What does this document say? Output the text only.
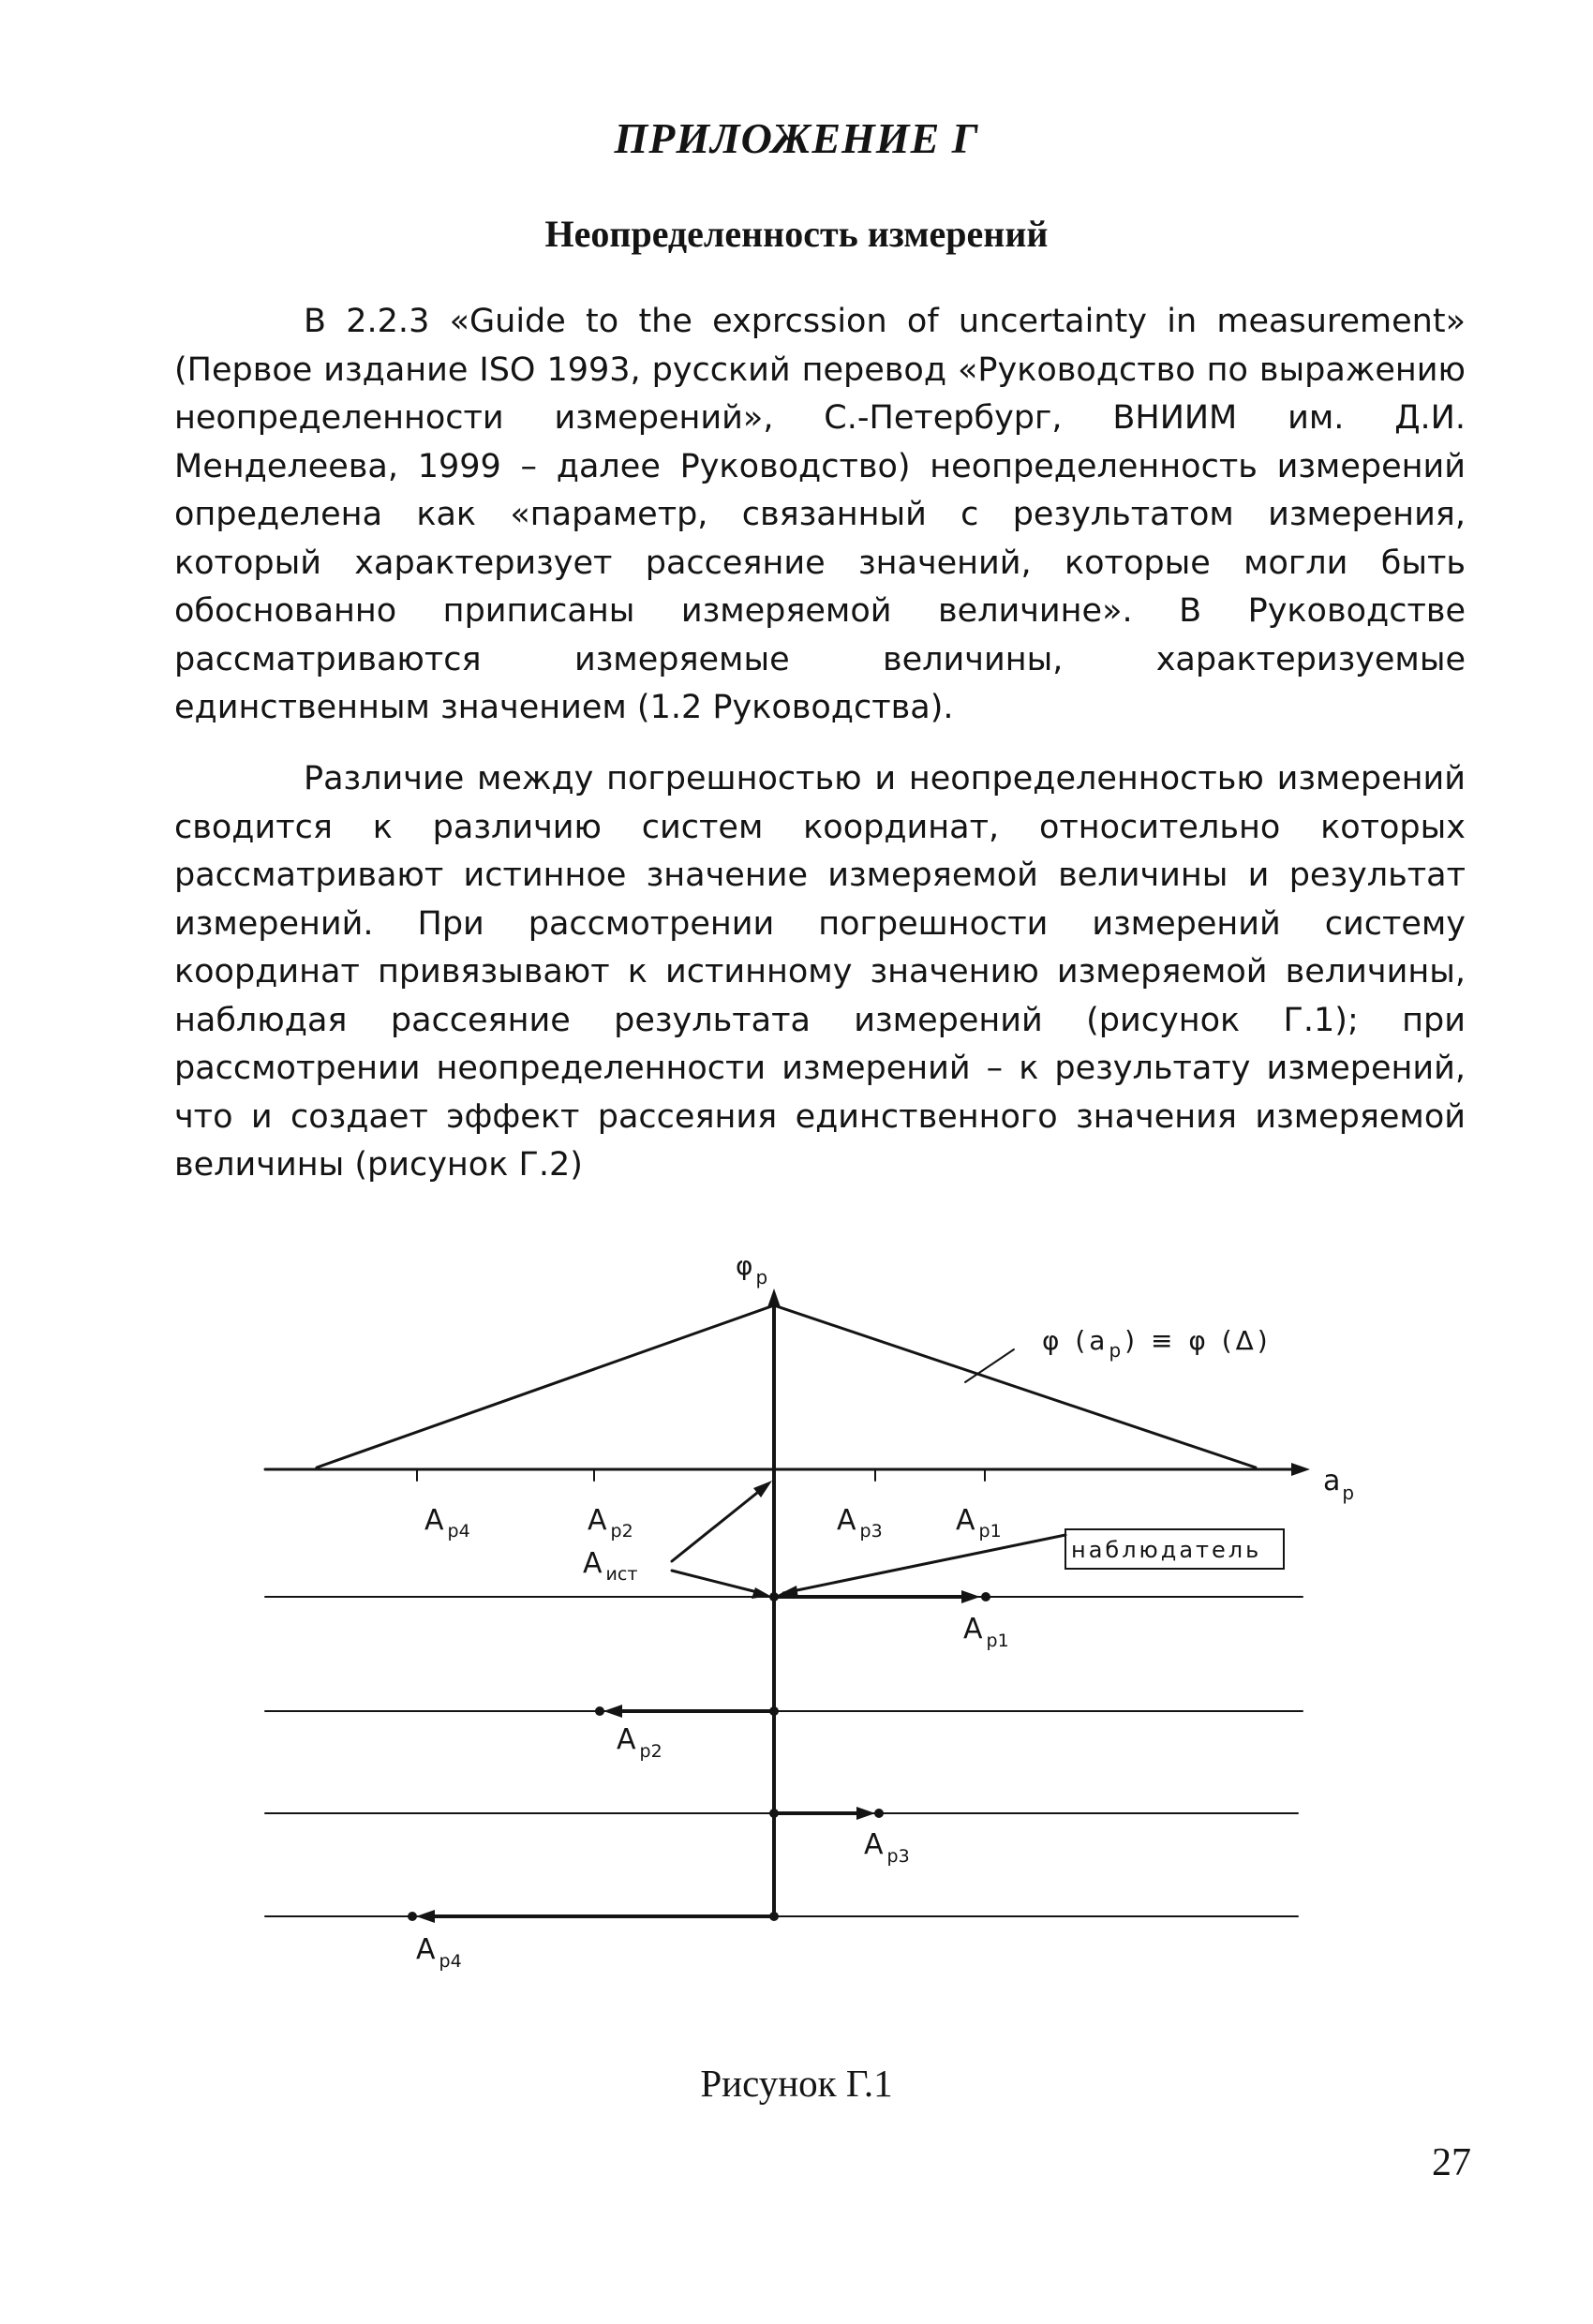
ПРИЛОЖЕНИЕ Г
Неопределенность измерений

В 2.2.3 «Guide to the exprcssion of uncertainty in measurement» (Первое издание ISO 1993, русский перевод «Руководство по выражению неопределенности измерений», С.-Петербург, ВНИИМ им. Д.И. Менделеева, 1999 – далее Руководство) неопределенность измерений определена как «параметр, связанный с результатом измерения, который характеризует рассеяние значений, которые могли быть обоснованно приписаны измеряемой величине». В Руководстве рассматриваются измеряемые величины, характеризуемые единственным значением (1.2 Руководства).

Различие между погрешностью и неопределенностью измерений сводится к различию систем координат, относительно которых рассматривают истинное значение измеряемой величины и результат измерений. При рассмотрении погрешности измерений систему координат привязывают к истинному значению измеряемой величины, наблюдая рассеяние результата измерений (рисунок Г.1); при рассмотрении неопределенности измерений – к результату измерений, что и создает эффект рассеяния единственного значения измеряемой величины (рисунок Г.2)

φ $_р$
а $_р$
φ $(а_р) \equiv \varphi$ (Δ)
наблюдатель
А $_{р4}$	А $_{р2}$
А $_{ист}$
А $_{р3}$	А $_{р1}$
А $_{р1}$
А $_{р2}$
А $_{р3}$
А $_{р4}$

Рисунок Г.1

27
